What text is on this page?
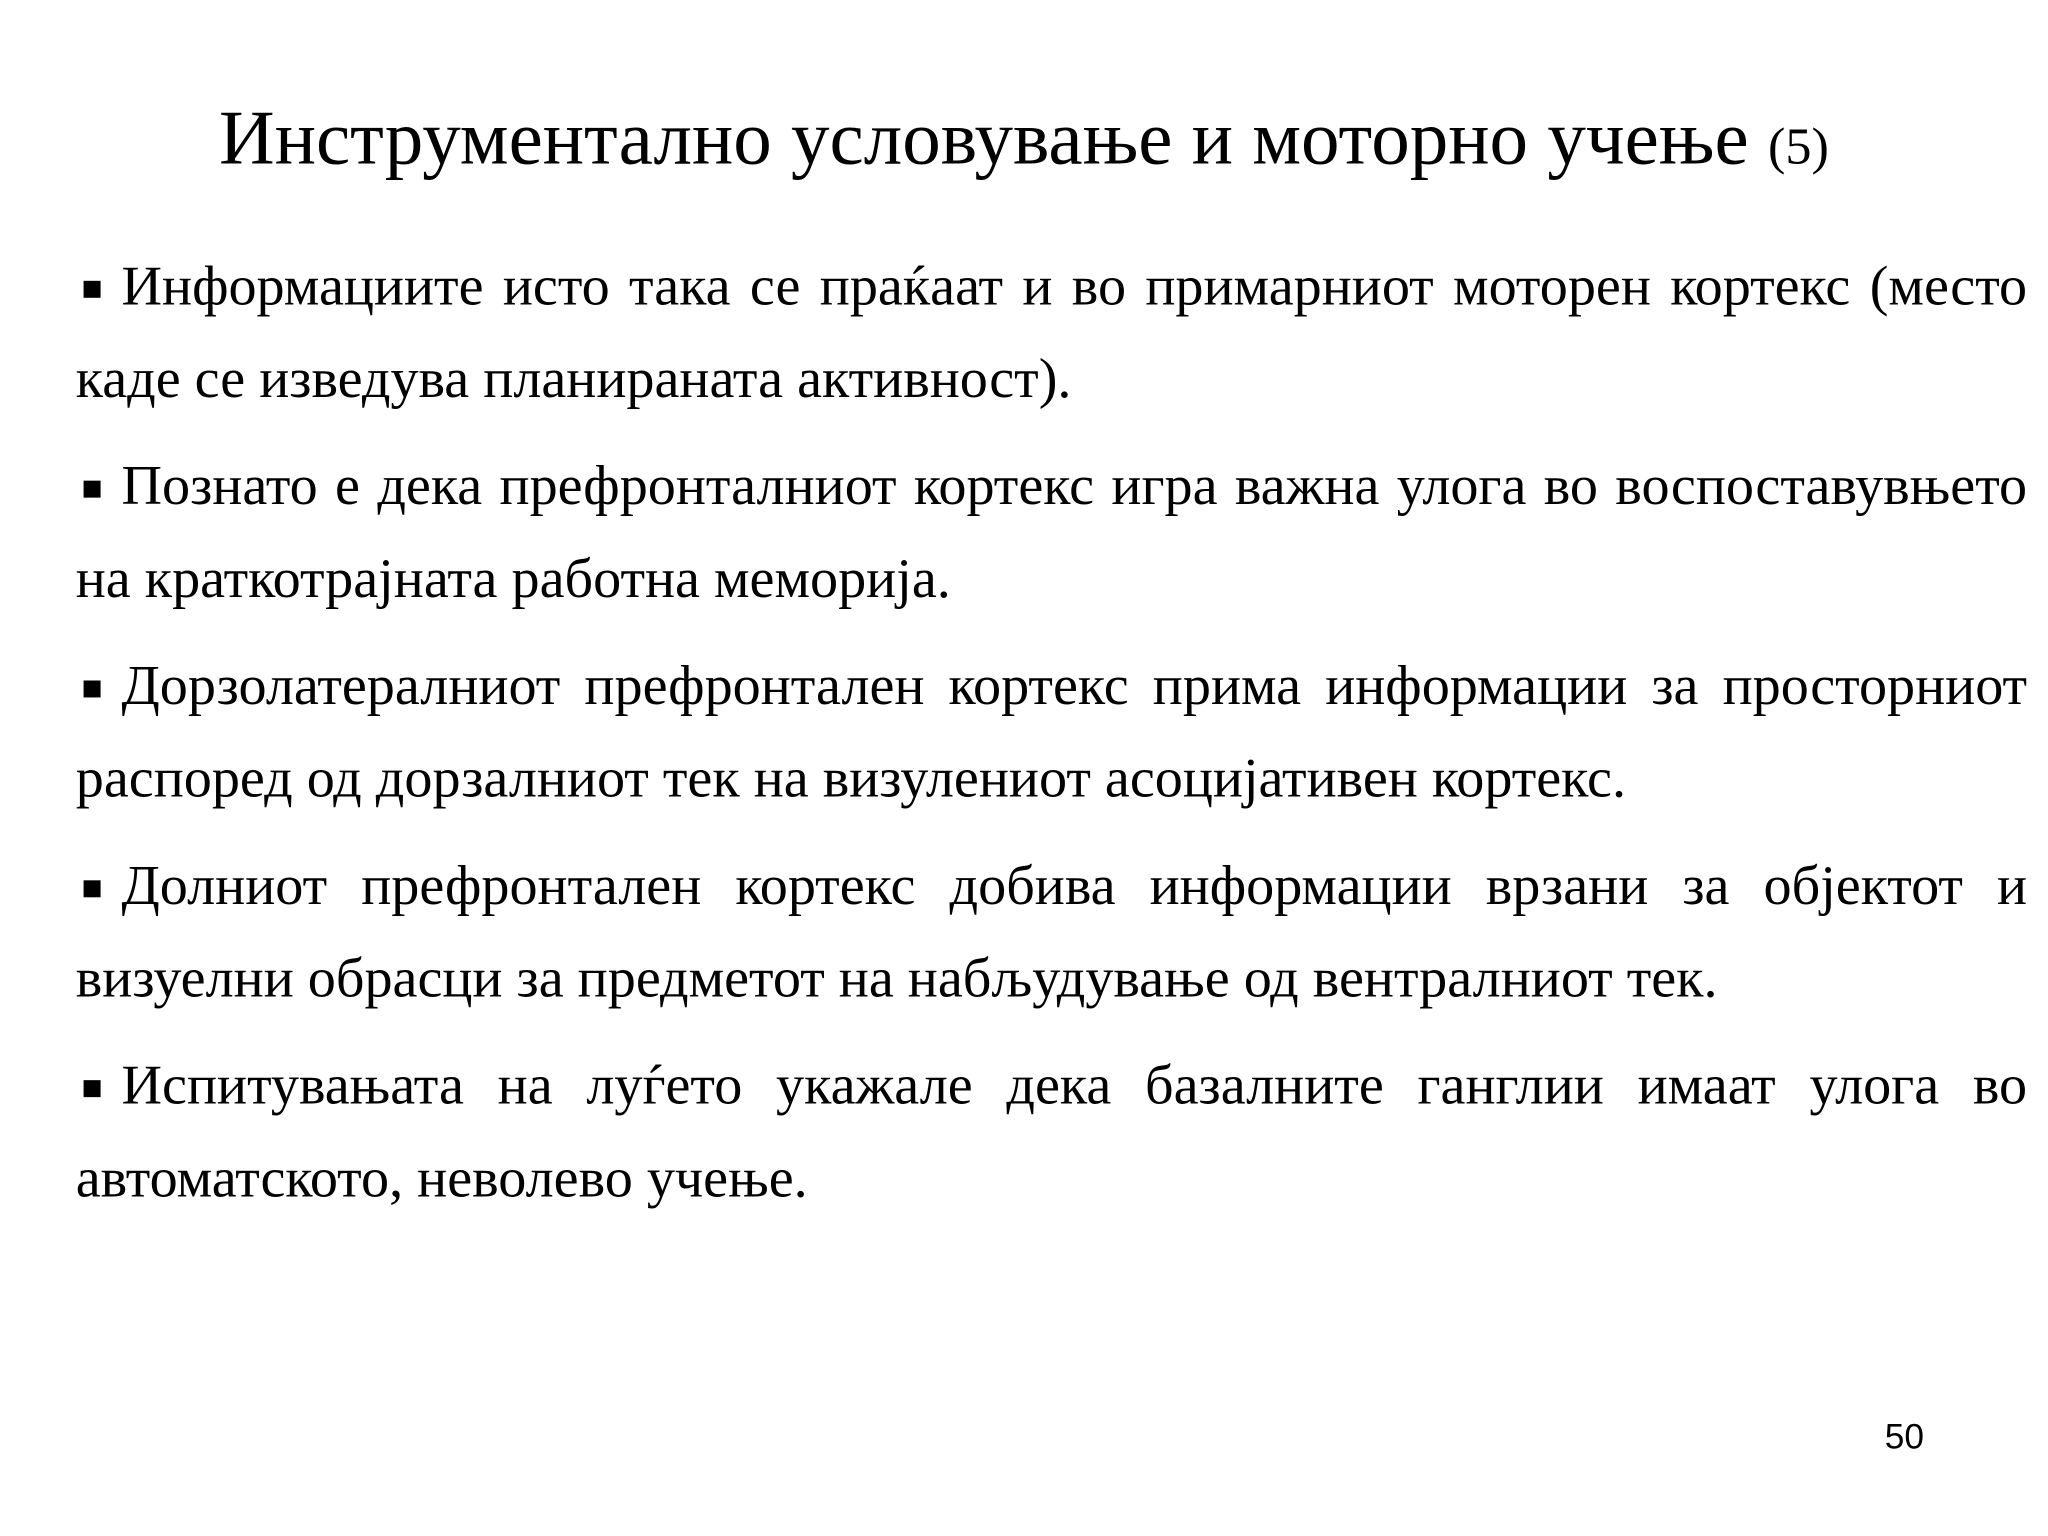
Инструментално условување и моторно учење (5)

Информациите исто така се праќаат и во примарниот моторен кортекс (место каде се изведува планираната активност).

Познато е дека префронталниот кортекс игра важна улога во воспоставувњето на краткотрајната работна меморија.

Дорзолатералниот префронтален кортекс прима информации за просторниот распоред од дорзалниот тек на визулениот асоцијативен кортекс.

Долниот префронтален кортекс добива информации врзани за објектот и визуелни обрасци за предметот на набљудување од вентралниот тек.

Испитувањата на луѓето укажале дека базалните ганглии имаат улога во автоматското, неволево учење.

50
